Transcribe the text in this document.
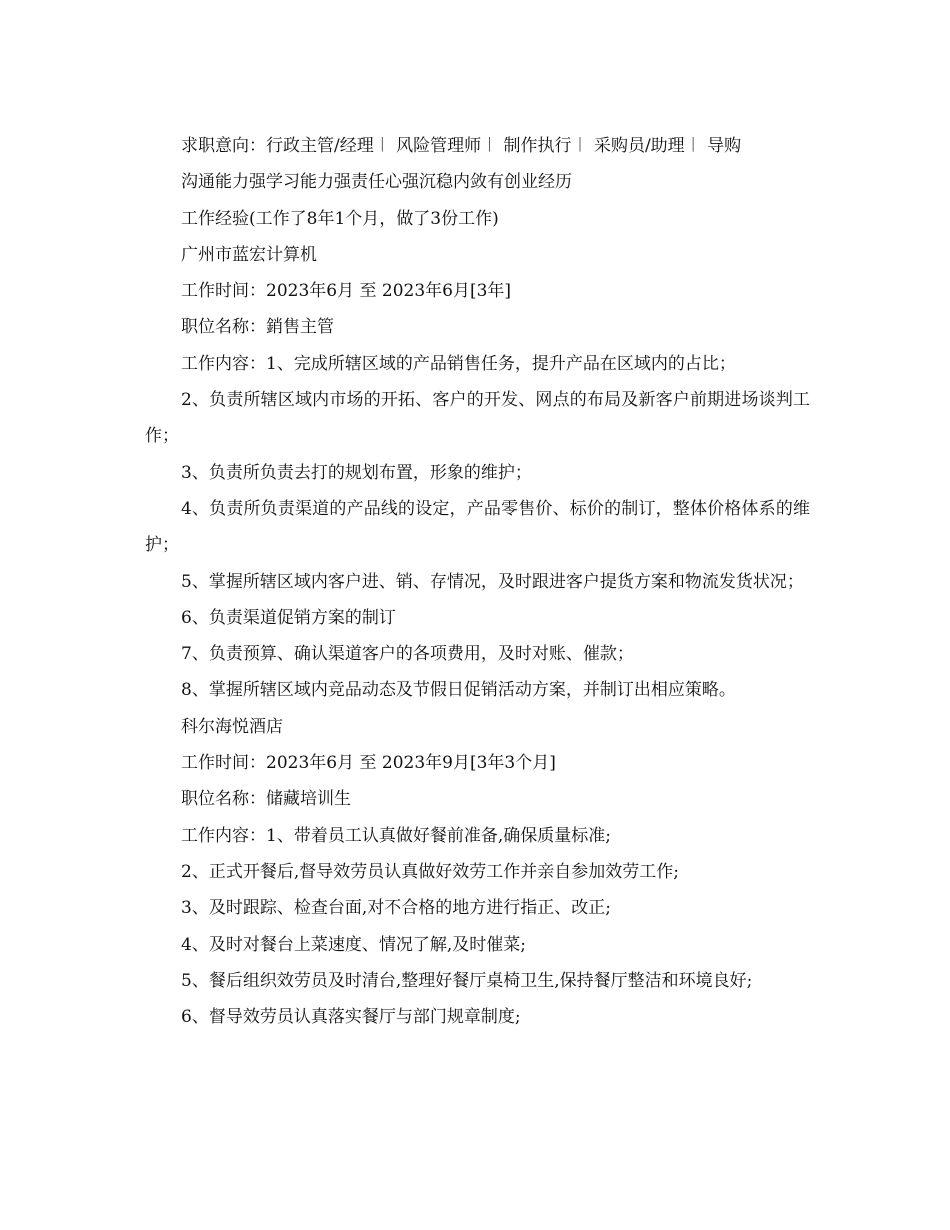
求职意向：行政主管/经理︱ 风险管理师︱ 制作执行︱ 采购员/助理︱ 导购

沟通能力强学习能力强责任心强沉稳内敛有创业经历

工作经验(工作了8年1个月，做了3份工作)

广州市蓝宏计算机

工作时间：2023年6月 至 2023年6月[3年]

职位名称：銷售主管

工作内容：1、完成所辖区域的产品销售任务，提升产品在区域内的占比；

2、负责所辖区域内市场的开拓、客户的开发、网点的布局及新客户前期进场谈判工作；

3、负责所负责去打的规划布置，形象的维护；

4、负责所负责渠道的产品线的设定，产品零售价、标价的制订，整体价格体系的维护；

5、掌握所辖区域内客户进、销、存情况，及时跟进客户提货方案和物流发货状况；

6、负责渠道促销方案的制订

7、负责预算、确认渠道客户的各项费用，及时对账、催款；

8、掌握所辖区域内竞品动态及节假日促销活动方案，并制订出相应策略。

科尔海悦酒店

工作时间：2023年6月 至 2023年9月[3年3个月]

职位名称：储藏培训生

工作内容：1、带着员工认真做好餐前准备,确保质量标准;

2、正式开餐后,督导效劳员认真做好效劳工作并亲自参加效劳工作;

3、及时跟踪、检查台面,对不合格的地方进行指正、改正;

4、及时对餐台上菜速度、情况了解,及时催菜;

5、餐后组织效劳员及时清台,整理好餐厅桌椅卫生,保持餐厅整洁和环境良好;

6、督导效劳员认真落实餐厅与部门规章制度;
